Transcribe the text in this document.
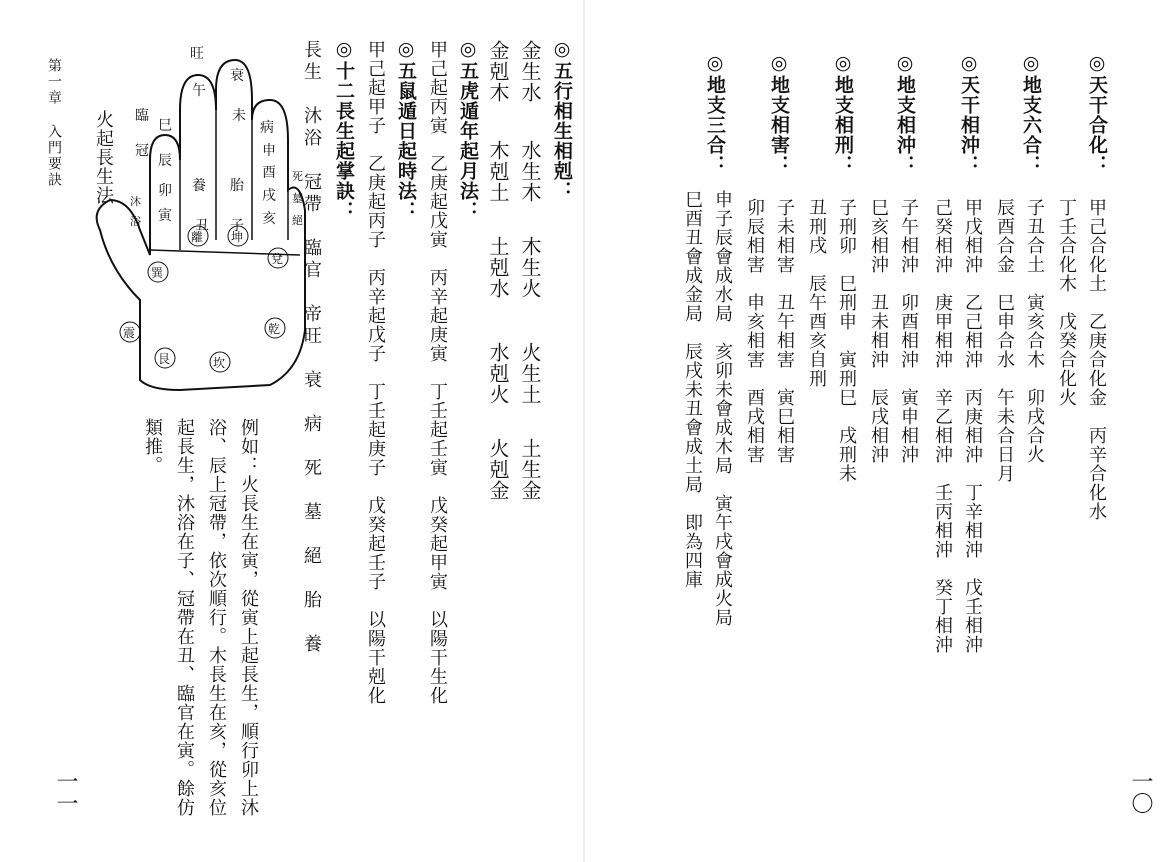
第一章 入門要訣
旺
午
衰
未
病
申
酉
戌
亥
死
墓
絕
巳
辰
卯
寅
臨
冠
沐
浴	丑 子
養 胎
離 坤
兌
乾
坎
艮
震
巽
火起長生法	◎五行相生相剋：
金生水
水生木
木生火
火生土
土生金
金剋木
木剋土
土剋水
水剋火
火剋金
◎五虎遁年起月法：
甲己起丙寅　乙庚起戊寅　丙辛起庚寅　丁壬起壬寅　戊癸起甲寅　以陽干生化
◎五鼠遁日起時法：
甲己起甲子　乙庚起丙子　丙辛起戊子　丁壬起庚子　戊癸起壬子　以陽干剋化
◎十二長生起掌訣：
長生　沐浴　冠帶　臨官　帝旺　衰　病　死　墓　絕　胎　養
例如：火長生在寅，從寅上起長生，順行卯上沐
浴、辰上冠帶，依次順行。木長生在亥，從亥位
起長生，沐浴在子、冠帶在丑、臨官在寅。餘仿
類推。
一一
◎天干合化：
甲己合化土　乙庚合化金　丙辛合化水
丁壬合化木　戊癸合化火
◎地支六合：
子丑合土　寅亥合木　卯戌合火
辰酉合金　巳申合水　午未合日月
◎天干相沖：
甲戊相沖　乙己相沖　丙庚相沖　丁辛相沖　戊壬相沖
己癸相沖　庚甲相沖　辛乙相沖　壬丙相沖　癸丁相沖
◎地支相沖：
子午相沖　卯酉相沖　寅申相沖
巳亥相沖　丑未相沖　辰戌相沖
◎地支相刑：
子刑卯　巳刑申　寅刑巳　戌刑未
丑刑戌　辰午酉亥自刑
◎地支相害：
子未相害　丑午相害　寅巳相害
卯辰相害　申亥相害　酉戌相害
◎地支三合：
申子辰會成水局　亥卯未會成木局　寅午戌會成火局
巳酉丑會成金局　辰戌未丑會成土局　即為四庫
一〇
